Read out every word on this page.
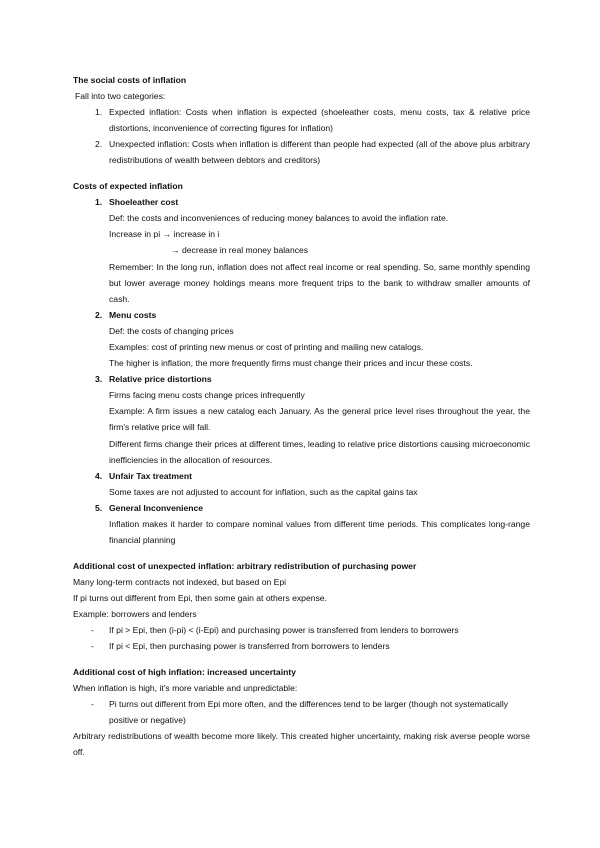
The social costs of inflation

Fall into two categories:

1. Expected inflation: Costs when inflation is expected (shoeleather costs, menu costs, tax & relative price distortions, inconvenience of correcting figures for inflation)
2. Unexpected inflation: Costs when inflation is different than people had expected (all of the above plus arbitrary redistributions of wealth between debtors and creditors)

Costs of expected inflation

1. Shoeleather cost

Def: the costs and inconveniences of reducing money balances to avoid the inflation rate.

Increase in pi → increase in i

→ decrease in real money balances

Remember: In the long run, inflation does not affect real income or real spending. So, same monthly spending but lower average money holdings means more frequent trips to the bank to withdraw smaller amounts of cash.

2. Menu costs

Def: the costs of changing prices

Examples: cost of printing new menus or cost of printing and mailing new catalogs.

The higher is inflation, the more frequently firms must change their prices and incur these costs.

3. Relative price distortions

Firms facing menu costs change prices infrequently

Example: A firm issues a new catalog each January. As the general price level rises throughout the year, the firm's relative price will fall.

Different firms change their prices at different times, leading to relative price distortions causing microeconomic inefficiencies in the allocation of resources.

4. Unfair Tax treatment

Some taxes are not adjusted to account for inflation, such as the capital gains tax

5. General Inconvenience

Inflation makes it harder to compare nominal values from different time periods. This complicates long-range financial planning

Additional cost of unexpected inflation: arbitrary redistribution of purchasing power

Many long-term contracts not indexed, but based on Epi

If pi turns out different from Epi, then some gain at others expense.

Example: borrowers and lenders

-	If pi > Epi, then (i-pi) < (i-Epi) and purchasing power is transferred from lenders to borrowers
-	If pi < Epi, then purchasing power is transferred from borrowers to lenders

Additional cost of high inflation: increased uncertainty

When inflation is high, it's more variable and unpredictable:

-	Pi turns out different from Epi more often, and the differences tend to be larger (though not systematically positive or negative)

Arbitrary redistributions of wealth become more likely. This created higher uncertainty, making risk averse people worse off.
